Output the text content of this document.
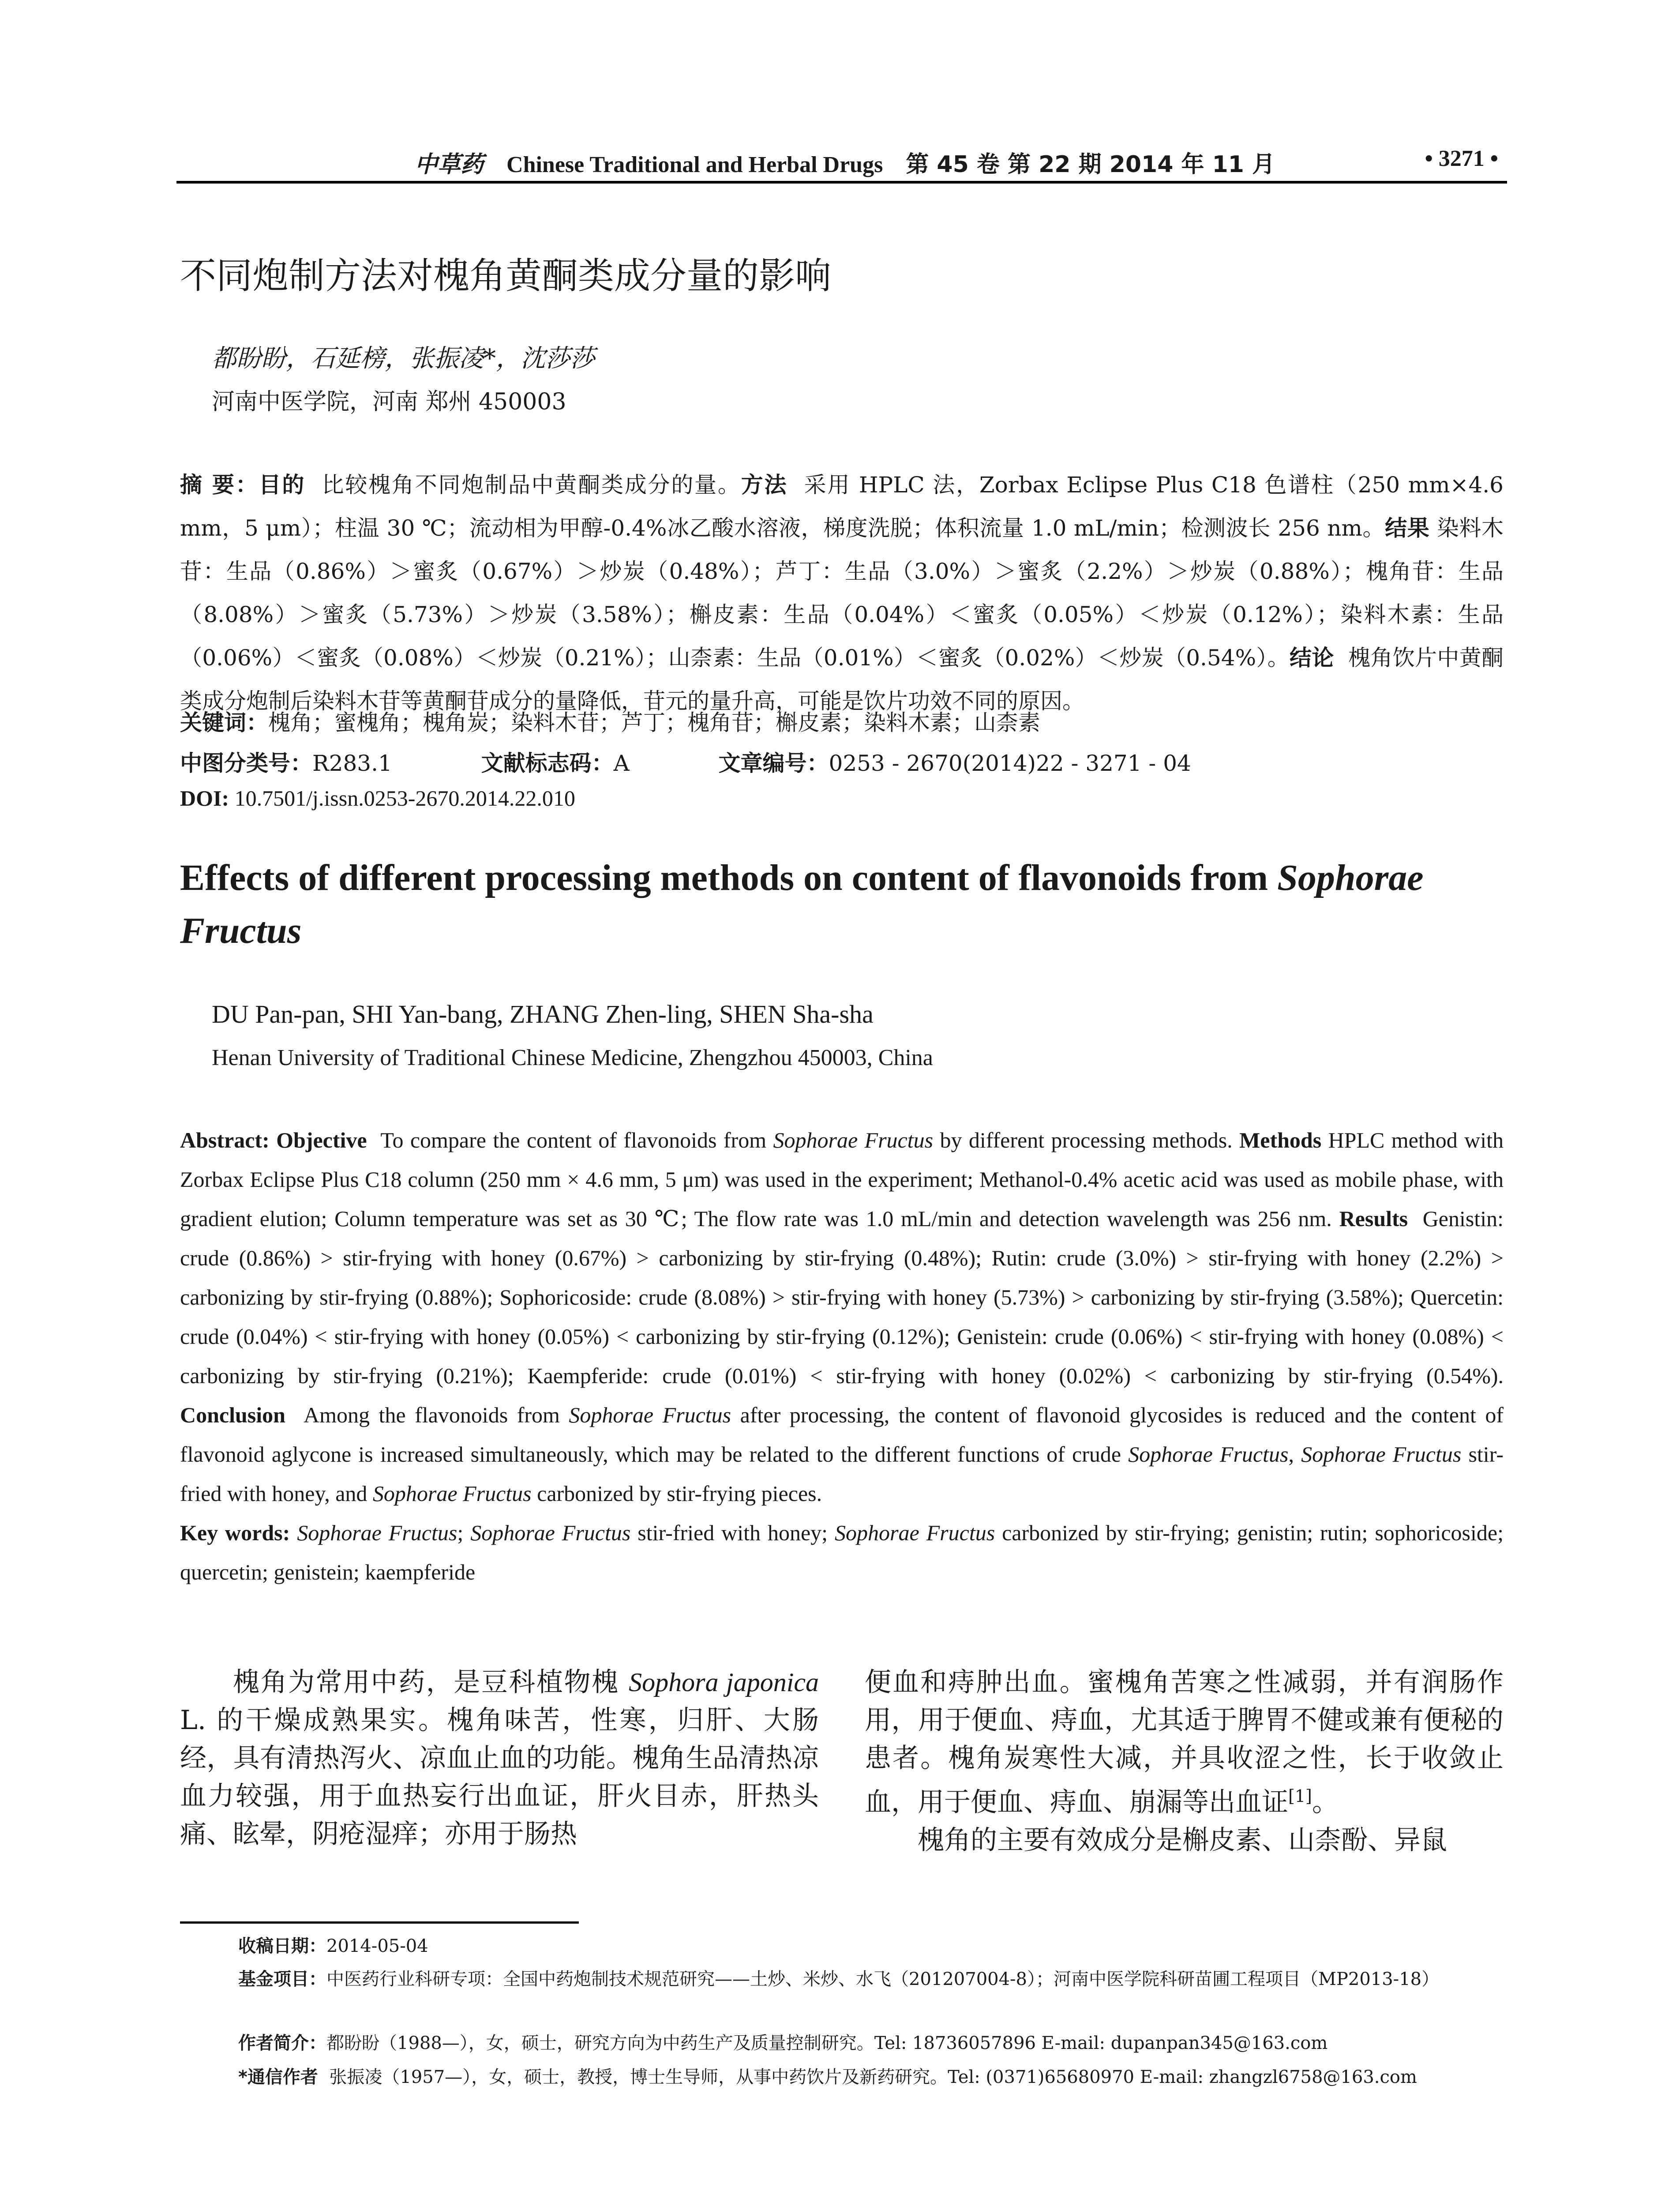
中草药 Chinese Traditional and Herbal Drugs 第 45 卷 第 22 期 2014 年 11 月	• 3271 •
不同炮制方法对槐角黄酮类成分量的影响
都盼盼，石延榜，张振凌*，沈莎莎
河南中医学院，河南 郑州 450003
摘 要：目的 比较槐角不同炮制品中黄酮类成分的量。方法 采用 HPLC 法，Zorbax Eclipse Plus C18 色谱柱（250 mm×4.6 mm，5 μm）；柱温 30 ℃；流动相为甲醇-0.4%冰乙酸水溶液，梯度洗脱；体积流量 1.0 mL/min；检测波长 256 nm。结果 染料木苷：生品（0.86%）＞蜜炙（0.67%）＞炒炭（0.48%）；芦丁：生品（3.0%）＞蜜炙（2.2%）＞炒炭（0.88%）；槐角苷：生品（8.08%）＞蜜炙（5.73%）＞炒炭（3.58%）；槲皮素：生品（0.04%）＜蜜炙（0.05%）＜炒炭（0.12%）；染料木素：生品（0.06%）＜蜜炙（0.08%）＜炒炭（0.21%）；山柰素：生品（0.01%）＜蜜炙（0.02%）＜炒炭（0.54%）。结论 槐角饮片中黄酮类成分炮制后染料木苷等黄酮苷成分的量降低，苷元的量升高，可能是饮片功效不同的原因。
关键词：槐角；蜜槐角；槐角炭；染料木苷；芦丁；槐角苷；槲皮素；染料木素；山柰素
中图分类号：R283.1	文献标志码：A	文章编号：0253 - 2670(2014)22 - 3271 - 04
DOI: 10.7501/j.issn.0253-2670.2014.22.010
Effects of different processing methods on content of flavonoids from Sophorae Fructus
DU Pan-pan, SHI Yan-bang, ZHANG Zhen-ling, SHEN Sha-sha
Henan University of Traditional Chinese Medicine, Zhengzhou 450003, China
Abstract: Objective To compare the content of flavonoids from Sophorae Fructus by different processing methods. Methods HPLC method with Zorbax Eclipse Plus C18 column (250 mm × 4.6 mm, 5 μm) was used in the experiment; Methanol-0.4% acetic acid was used as mobile phase, with gradient elution; Column temperature was set as 30 ℃; The flow rate was 1.0 mL/min and detection wavelength was 256 nm. Results Genistin: crude (0.86%) > stir-frying with honey (0.67%) > carbonizing by stir-frying (0.48%); Rutin: crude (3.0%) > stir-frying with honey (2.2%) > carbonizing by stir-frying (0.88%); Sophoricoside: crude (8.08%) > stir-frying with honey (5.73%) > carbonizing by stir-frying (3.58%); Quercetin: crude (0.04%) < stir-frying with honey (0.05%) < carbonizing by stir-frying (0.12%); Genistein: crude (0.06%) < stir-frying with honey (0.08%) < carbonizing by stir-frying (0.21%); Kaempferide: crude (0.01%) < stir-frying with honey (0.02%) < carbonizing by stir-frying (0.54%). Conclusion Among the flavonoids from Sophorae Fructus after processing, the content of flavonoid glycosides is reduced and the content of flavonoid aglycone is increased simultaneously, which may be related to the different functions of crude Sophorae Fructus, Sophorae Fructus stir-fried with honey, and Sophorae Fructus carbonized by stir-frying pieces.
Key words: Sophorae Fructus; Sophorae Fructus stir-fried with honey; Sophorae Fructus carbonized by stir-frying; genistin; rutin; sophoricoside; quercetin; genistein; kaempferide

槐角为常用中药，是豆科植物槐 Sophora japonica L. 的干燥成熟果实。槐角味苦，性寒，归肝、大肠经，具有清热泻火、凉血止血的功能。槐角生品清热凉血力较强，用于血热妄行出血证，肝火目赤，肝热头痛、眩晕，阴疮湿痒；亦用于肠热

便血和痔肿出血。蜜槐角苦寒之性减弱，并有润肠作用，用于便血、痔血，尤其适于脾胃不健或兼有便秘的患者。槐角炭寒性大减，并具收涩之性，长于收敛止血，用于便血、痔血、崩漏等出血证[1]。

槐角的主要有效成分是槲皮素、山柰酚、异鼠

收稿日期：2014-05-04
基金项目：中医药行业科研专项：全国中药炮制技术规范研究——土炒、米炒、水飞（201207004-8）；河南中医学院科研苗圃工程项目（MP2013-18）
作者简介：都盼盼（1988—），女，硕士，研究方向为中药生产及质量控制研究。Tel: 18736057896 E-mail: dupanpan345@163.com
*通信作者 张振凌（1957—），女，硕士，教授，博士生导师，从事中药饮片及新药研究。Tel: (0371)65680970 E-mail: zhangzl6758@163.com
